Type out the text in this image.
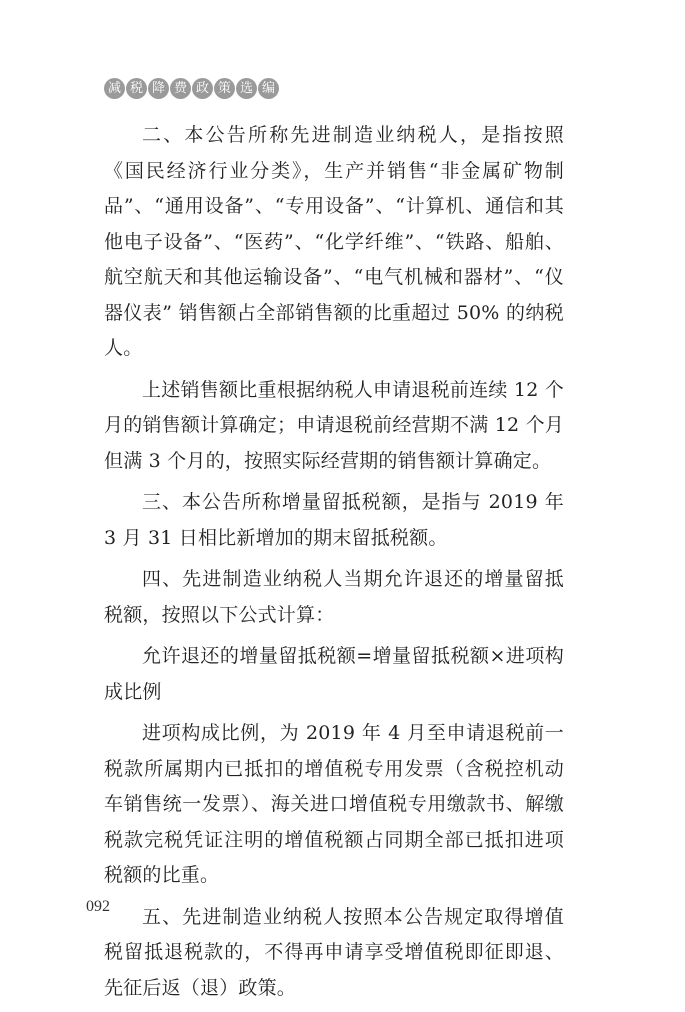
减 税 降 费 政 策 选 编

二、本公告所称先进制造业纳税人，是指按照《国民经济行业分类》，生产并销售“非金属矿物制品”、“通用设备”、“专用设备”、“计算机、通信和其他电子设备”、“医药”、“化学纤维”、“铁路、船舶、航空航天和其他运输设备”、“电气机械和器材”、“仪器仪表” 销售额占全部销售额的比重超过 50% 的纳税人。

上述销售额比重根据纳税人申请退税前连续 12 个月的销售额计算确定；申请退税前经营期不满 12 个月但满 3 个月的，按照实际经营期的销售额计算确定。

三、本公告所称增量留抵税额，是指与 2019 年 3 月 31 日相比新增加的期末留抵税额。

四、先进制造业纳税人当期允许退还的增量留抵税额，按照以下公式计算：

允许退还的增量留抵税额=增量留抵税额×进项构成比例

进项构成比例，为 2019 年 4 月至申请退税前一税款所属期内已抵扣的增值税专用发票（含税控机动车销售统一发票）、海关进口增值税专用缴款书、解缴税款完税凭证注明的增值税额占同期全部已抵扣进项税额的比重。

五、先进制造业纳税人按照本公告规定取得增值税留抵退税款的，不得再申请享受增值税即征即退、先征后返（退）政策。

092
